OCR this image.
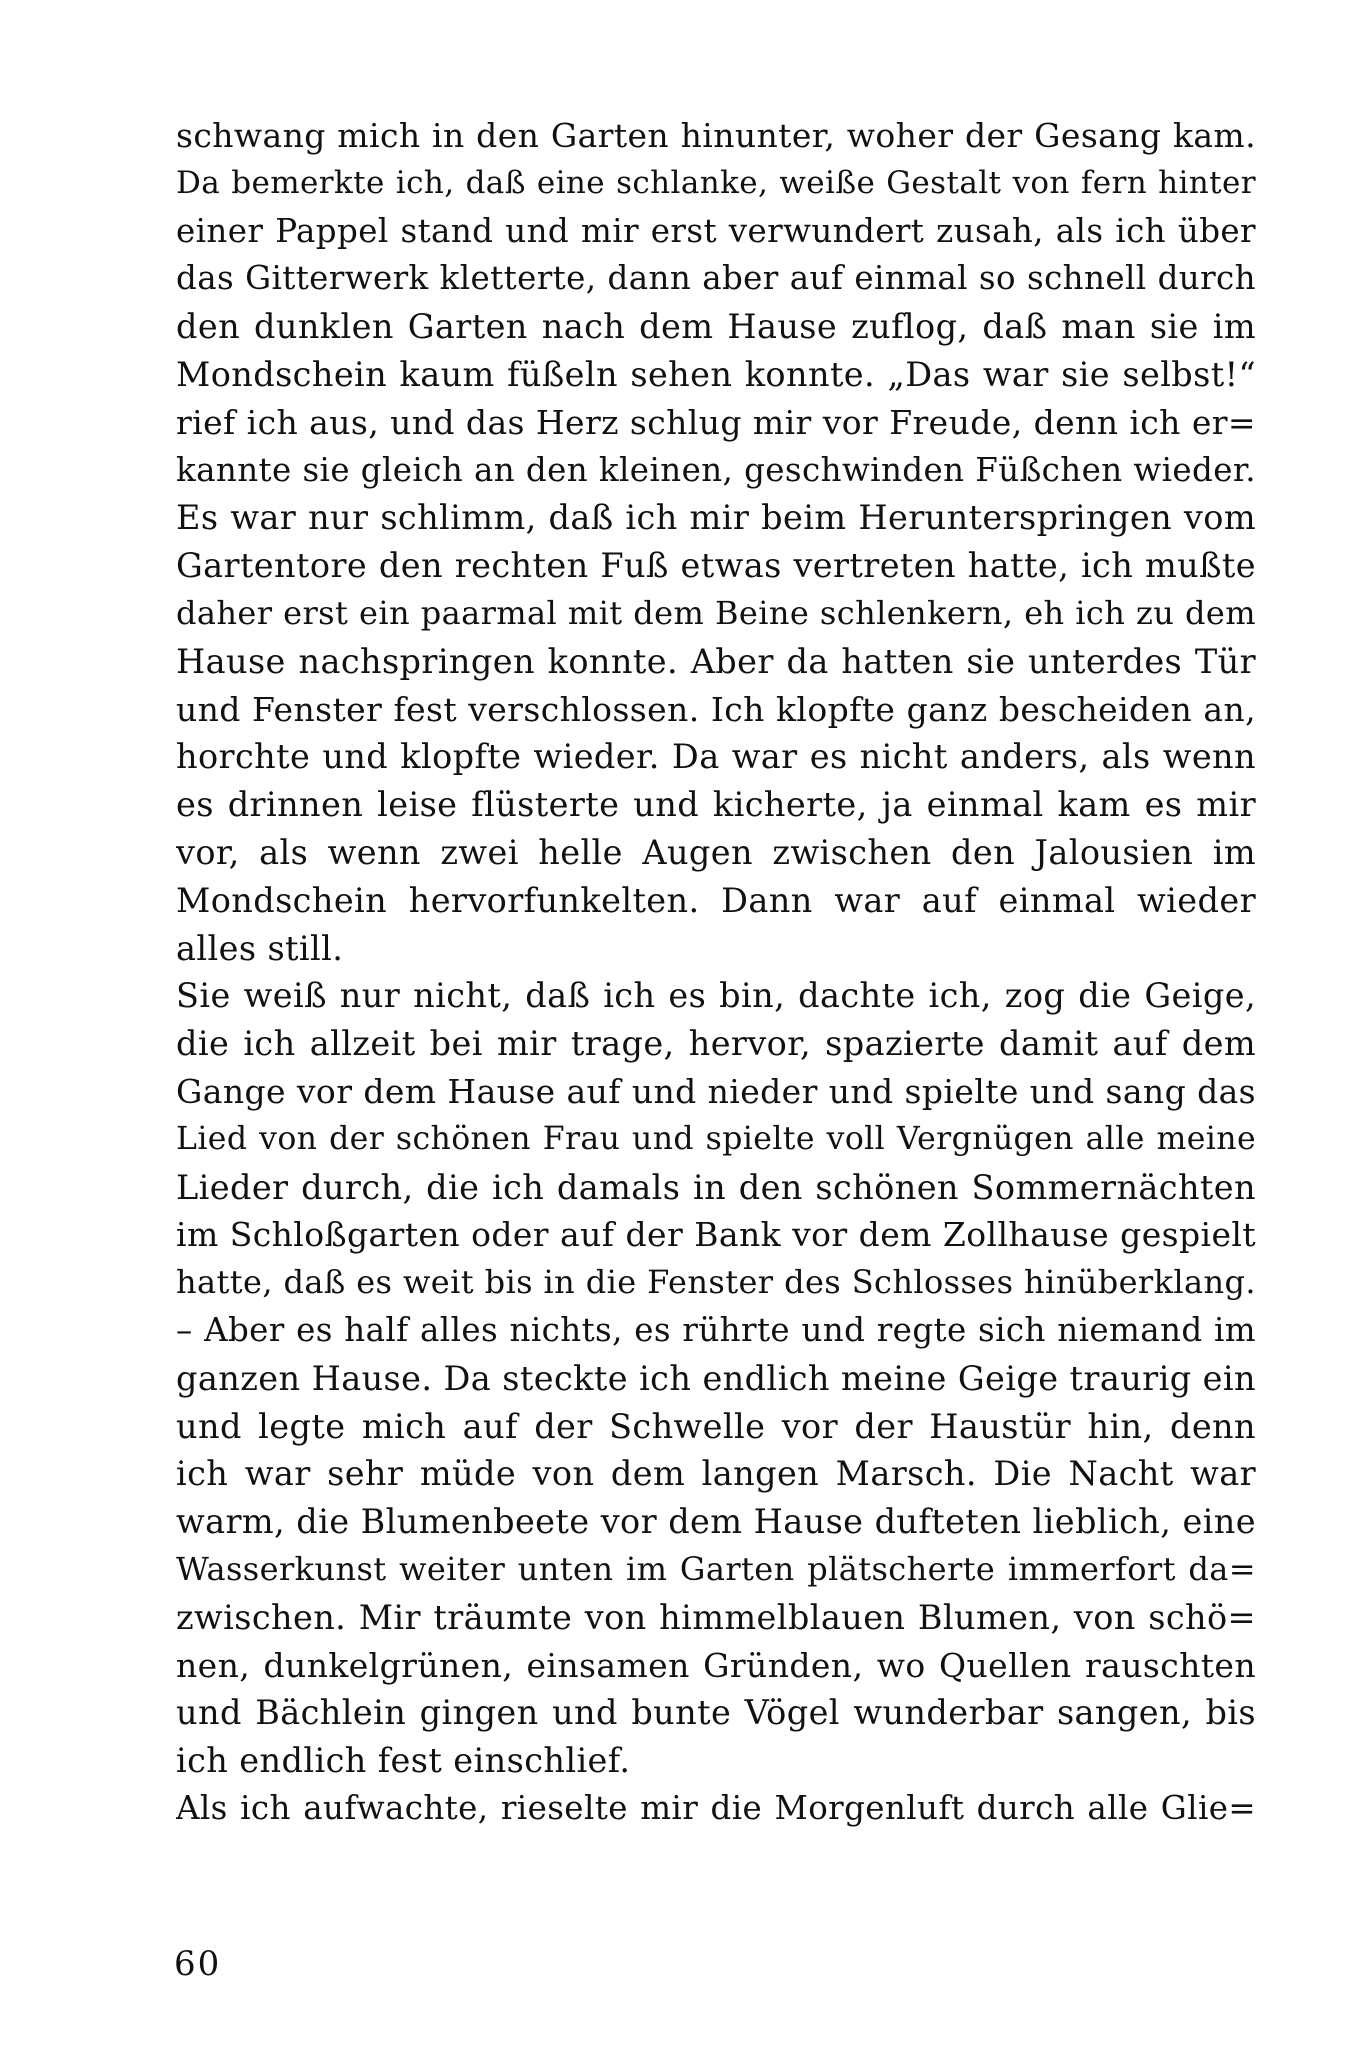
schwang mich in den Garten hinunter, woher der Gesang kam.
Da bemerkte ich, daß eine schlanke, weiße Gestalt von fern hinter
einer Pappel stand und mir erst verwundert zusah, als ich über
das Gitterwerk kletterte, dann aber auf einmal so schnell durch
den dunklen Garten nach dem Hause zuflog, daß man sie im
Mondschein kaum füßeln sehen konnte. „Das war sie selbst!“
rief ich aus, und das Herz schlug mir vor Freude, denn ich er=
kannte sie gleich an den kleinen, geschwinden Füßchen wieder.
Es war nur schlimm, daß ich mir beim Herunterspringen vom
Gartentore den rechten Fuß etwas vertreten hatte, ich mußte
daher erst ein paarmal mit dem Beine schlenkern, eh ich zu dem
Hause nachspringen konnte. Aber da hatten sie unterdes Tür
und Fenster fest verschlossen. Ich klopfte ganz bescheiden an,
horchte und klopfte wieder. Da war es nicht anders, als wenn
es drinnen leise flüsterte und kicherte, ja einmal kam es mir
vor, als wenn zwei helle Augen zwischen den Jalousien im
Mondschein hervorfunkelten. Dann war auf einmal wieder
alles still.
Sie weiß nur nicht, daß ich es bin, dachte ich, zog die Geige,
die ich allzeit bei mir trage, hervor, spazierte damit auf dem
Gange vor dem Hause auf und nieder und spielte und sang das
Lied von der schönen Frau und spielte voll Vergnügen alle meine
Lieder durch, die ich damals in den schönen Sommernächten
im Schloßgarten oder auf der Bank vor dem Zollhause gespielt
hatte, daß es weit bis in die Fenster des Schlosses hinüberklang.
– Aber es half alles nichts, es rührte und regte sich niemand im
ganzen Hause. Da steckte ich endlich meine Geige traurig ein
und legte mich auf der Schwelle vor der Haustür hin, denn
ich war sehr müde von dem langen Marsch. Die Nacht war
warm, die Blumenbeete vor dem Hause dufteten lieblich, eine
Wasserkunst weiter unten im Garten plätscherte immerfort da=
zwischen. Mir träumte von himmelblauen Blumen, von schö=
nen, dunkelgrünen, einsamen Gründen, wo Quellen rauschten
und Bächlein gingen und bunte Vögel wunderbar sangen, bis
ich endlich fest einschlief.
Als ich aufwachte, rieselte mir die Morgenluft durch alle Glie=
60
